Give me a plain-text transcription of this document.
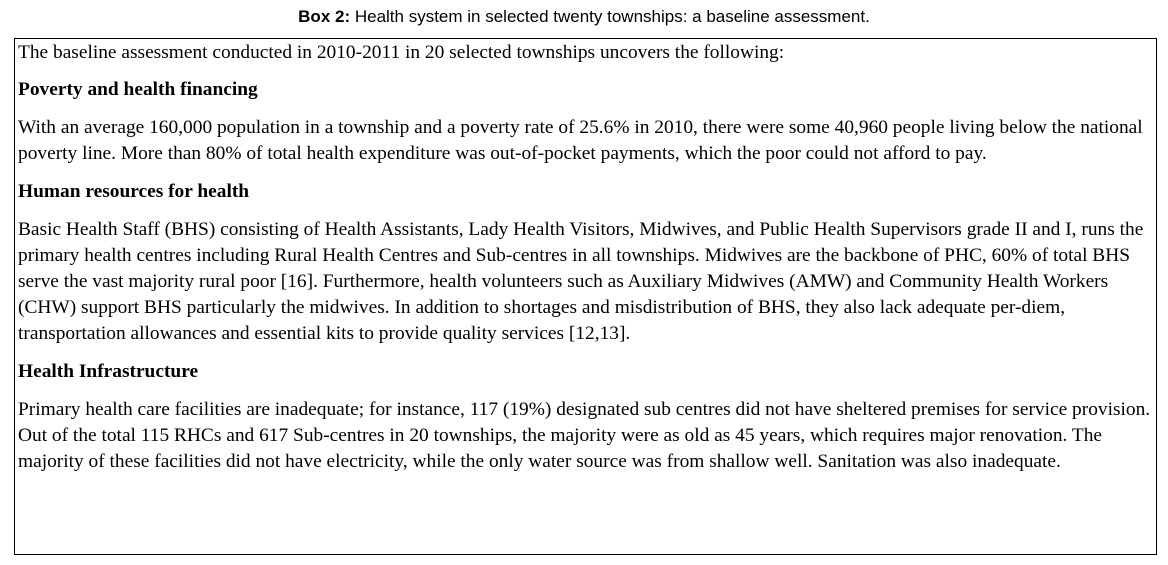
Box 2: Health system in selected twenty townships: a baseline assessment.

The baseline assessment conducted in 2010-2011 in 20 selected townships uncovers the following:

Poverty and health financing

With an average 160,000 population in a township and a poverty rate of 25.6% in 2010, there were some 40,960 people living below the national poverty line. More than 80% of total health expenditure was out-of-pocket payments, which the poor could not afford to pay.

Human resources for health

Basic Health Staff (BHS) consisting of Health Assistants, Lady Health Visitors, Midwives, and Public Health Supervisors grade II and I, runs the primary health centres including Rural Health Centres and Sub-centres in all townships. Midwives are the backbone of PHC, 60% of total BHS serve the vast majority rural poor [16]. Furthermore, health volunteers such as Auxiliary Midwives (AMW) and Community Health Workers (CHW) support BHS particularly the midwives. In addition to shortages and misdistribution of BHS, they also lack adequate per-diem, transportation allowances and essential kits to provide quality services [12,13].

Health Infrastructure

Primary health care facilities are inadequate; for instance, 117 (19%) designated sub centres did not have sheltered premises for service provision. Out of the total 115 RHCs and 617 Sub-centres in 20 townships, the majority were as old as 45 years, which requires major renovation. The majority of these facilities did not have electricity, while the only water source was from shallow well. Sanitation was also inadequate.
